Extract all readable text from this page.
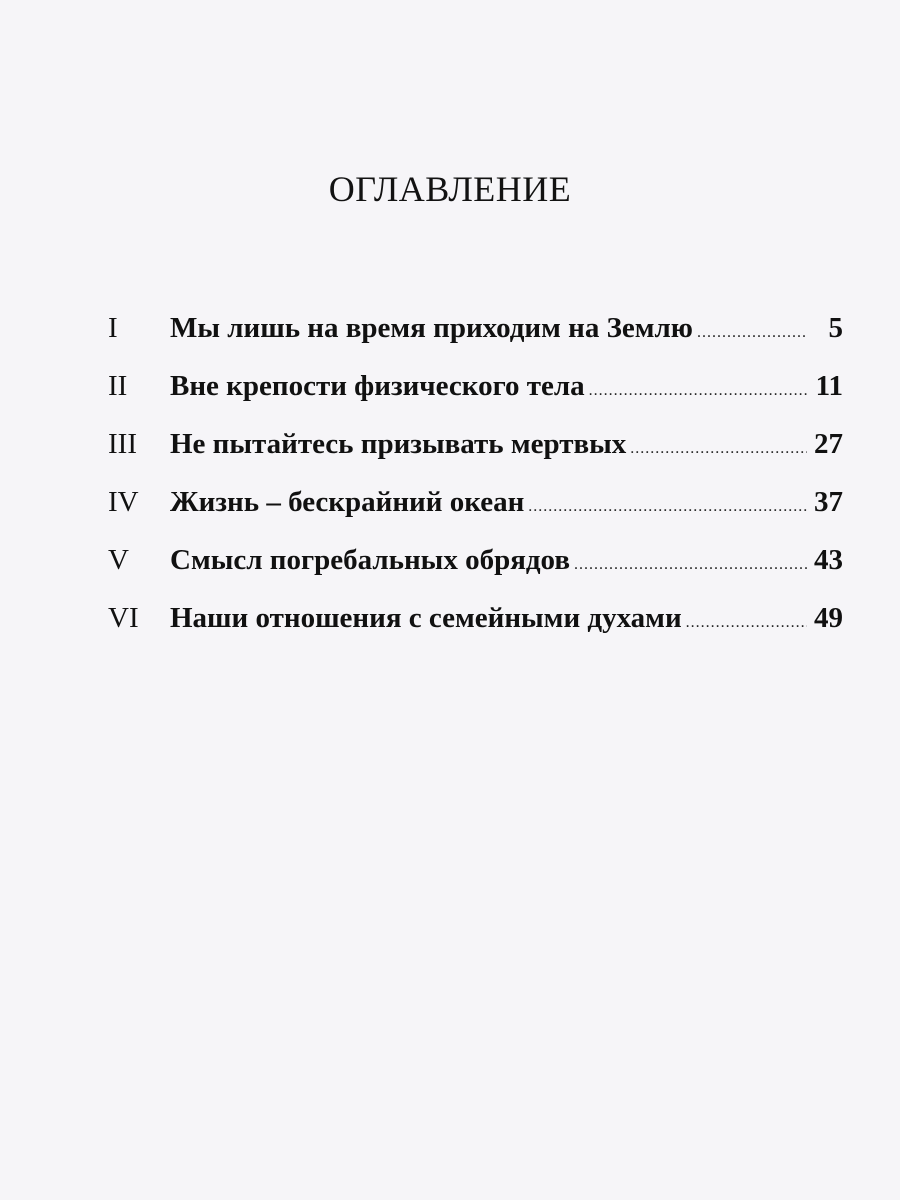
ОГЛАВЛЕНИЕ
I	Мы лишь на время приходим на Землю .....	5
II	Вне крепости физического тела .....	11
III	Не пытайтесь призывать мертвых .....	27
IV	Жизнь – бескрайний океан .....	37
V	Смысл погребальных обрядов .....	43
VI	Наши отношения с семейными духами .....	49
